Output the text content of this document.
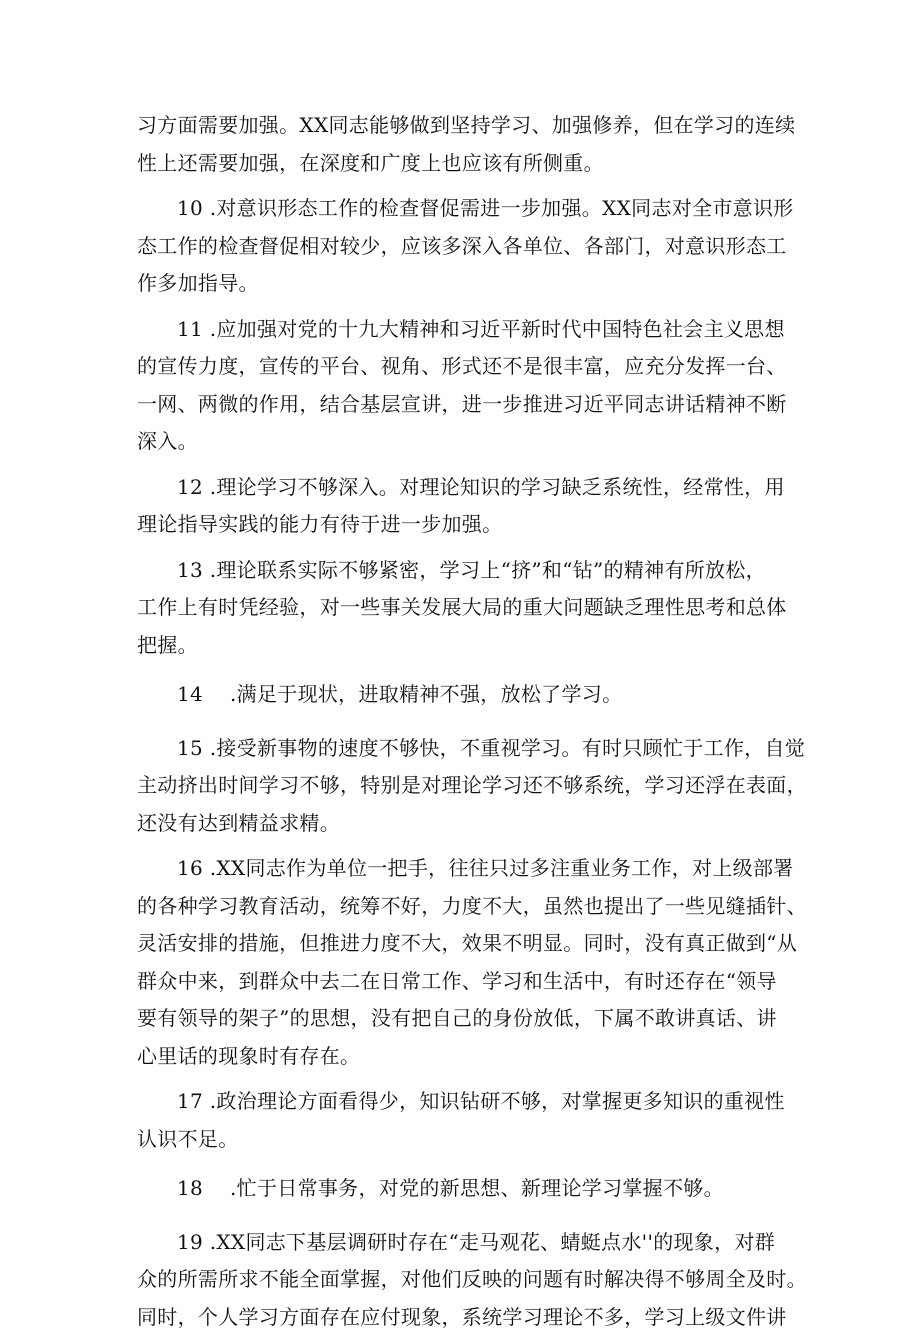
习方面需要加强。XX同志能够做到坚持学习、加强修养，但在学习的连续
性上还需要加强，在深度和广度上也应该有所侧重。
10 .对意识形态工作的检查督促需进一步加强。XX同志对全市意识形
态工作的检查督促相对较少，应该多深入各单位、各部门，对意识形态工
作多加指导。
11 .应加强对党的十九大精神和习近平新时代中国特色社会主义思想
的宣传力度，宣传的平台、视角、形式还不是很丰富，应充分发挥一台、
一网、两微的作用，结合基层宣讲，进一步推进习近平同志讲话精神不断
深入。
12 .理论学习不够深入。对理论知识的学习缺乏系统性，经常性，用
理论指导实践的能力有待于进一步加强。
13 .理论联系实际不够紧密，学习上“挤”和“钻”的精神有所放松，
工作上有时凭经验，对一些事关发展大局的重大问题缺乏理性思考和总体
把握。
14 　.满足于现状，进取精神不强，放松了学习。
15 .接受新事物的速度不够快，不重视学习。有时只顾忙于工作，自觉
主动挤出时间学习不够，特别是对理论学习还不够系统，学习还浮在表面，
还没有达到精益求精。
16 .XX同志作为单位一把手，往往只过多注重业务工作，对上级部署
的各种学习教育活动，统筹不好，力度不大，虽然也提出了一些见缝插针、
灵活安排的措施，但推进力度不大，效果不明显。同时，没有真正做到“从
群众中来，到群众中去二在日常工作、学习和生活中，有时还存在“领导
要有领导的架子”的思想，没有把自己的身份放低，下属不敢讲真话、讲
心里话的现象时有存在。
17 .政治理论方面看得少，知识钻研不够，对掌握更多知识的重视性
认识不足。
18 　.忙于日常事务，对党的新思想、新理论学习掌握不够。
19 .XX同志下基层调研时存在“走马观花、蜻蜓点水''的现象，对群
众的所需所求不能全面掌握，对他们反映的问题有时解决得不够周全及时。
同时，个人学习方面存在应付现象，系统学习理论不多，学习上级文件讲
